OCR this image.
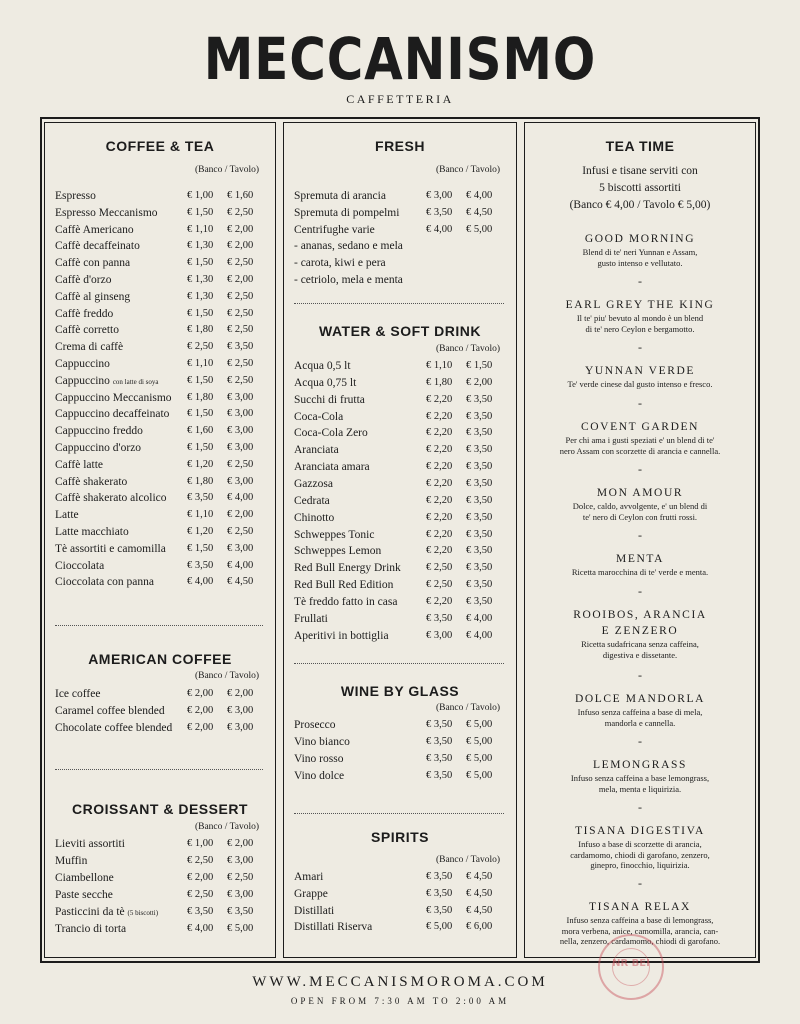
MECCANISMO
CAFFETTERIA
COFFEE & TEA
(Banco / Tavolo)
Espresso	€ 1,00 € 1,60
Espresso Meccanismo	€ 1,50 € 2,50
Caffè Americano	€ 1,10 € 2,00
Caffè decaffeinato	€ 1,30 € 2,00
Caffè con panna	€ 1,50 € 2,50
Caffè d'orzo	€ 1,30 € 2,00
Caffè al ginseng	€ 1,30 € 2,50
Caffè freddo	€ 1,50 € 2,50
Caffè corretto	€ 1,80 € 2,50
Crema di caffè	€ 2,50 € 3,50
Cappuccino	€ 1,10 € 2,50
Cappuccino con latte di soya	€ 1,50 € 2,50
Cappuccino Meccanismo € 1,80 € 3,00
Cappuccino decaffeinato € 1,50 € 3,00
Cappuccino freddo	€ 1,60 € 3,00
Cappuccino d'orzo	€ 1,50 € 3,00
Caffè latte	€ 1,20 € 2,50
Caffè shakerato	€ 1,80 € 3,00
Caffè shakerato alcolico € 3,50 € 4,00
Latte	€ 1,10 € 2,00
Latte macchiato	€ 1,20 € 2,50
Tè assortiti e camomilla € 1,50 € 3,00
Cioccolata	€ 3,50 € 4,00
Cioccolata con panna	€ 4,00 € 4,50
AMERICAN COFFEE
(Banco / Tavolo)
Ice coffee	€ 2,00 € 2,00
Caramel coffee blended € 2,00 € 3,00
Chocolate coffee blended € 2,00 € 3,00
CROISSANT & DESSERT
(Banco / Tavolo)
Lieviti assortiti	€ 1,00 € 2,00
Muffin	€ 2,50 € 3,00
Ciambellone	€ 2,00 € 2,50
Paste secche	€ 2,50 € 3,00
Pasticcini da tè (5 biscotti)	€ 3,50 € 3,50
Trancio di torta	€ 4,00 € 5,00
FRESH
(Banco / Tavolo)
Spremuta di arancia	€ 3,00 € 4,00
Spremuta di pompelmi	€ 3,50 € 4,50
Centrifughe varie	€ 4,00 € 5,00
- ananas, sedano e mela
- carota, kiwi e pera
- cetriolo, mela e menta
WATER & SOFT DRINK
(Banco / Tavolo)
Acqua 0,5 lt	€ 1,10 € 1,50
Acqua 0,75 lt	€ 1,80 € 2,00
Succhi di frutta	€ 2,20 € 3,50
Coca-Cola	€ 2,20 € 3,50
Coca-Cola Zero	€ 2,20 € 3,50
Aranciata	€ 2,20 € 3,50
Aranciata amara	€ 2,20 € 3,50
Gazzosa	€ 2,20 € 3,50
Cedrata	€ 2,20 € 3,50
Chinotto	€ 2,20 € 3,50
Schweppes Tonic	€ 2,20 € 3,50
Schweppes Lemon	€ 2,20 € 3,50
Red Bull Energy Drink € 2,50 € 3,50
Red Bull Red Edition	€ 2,50 € 3,50
Tè freddo fatto in casa	€ 2,20 € 3,50
Frullati	€ 3,50 € 4,00
Aperitivi in bottiglia	€ 3,00 € 4,00
WINE BY GLASS
(Banco / Tavolo)
Prosecco	€ 3,50 € 5,00
Vino bianco	€ 3,50 € 5,00
Vino rosso	€ 3,50 € 5,00
Vino dolce	€ 3,50 € 5,00
SPIRITS
(Banco / Tavolo)
Amari	€ 3,50 € 4,50
Grappe	€ 3,50 € 4,50
Distillati	€ 3,50 € 4,50
Distillati Riserva	€ 5,00 € 6,00
TEA TIME
Infusi e tisane serviti con
5 biscotti assortiti
(Banco € 4,00 / Tavolo € 5,00)
GOOD MORNING
Blend di te' neri Yunnan e Assam,
gusto intenso e vellutato.
-
EARL GREY THE KING
Il te' piu' bevuto al mondo è un blend
di te' nero Ceylon e bergamotto.
-
YUNNAN VERDE
Te' verde cinese dal gusto intenso e fresco.
-
COVENT GARDEN
Per chi ama i gusti speziati e' un blend di te'
nero Assam con scorzette di arancia e cannella.
-
MON AMOUR
Dolce, caldo, avvolgente, e' un blend di
te' nero di Ceylon con frutti rossi.
-
MENTA
Ricetta marocchina di te' verde e menta.
-
ROOIBOS, ARANCIA
E ZENZERO
Ricetta sudafricana senza caffeina,
digestiva e dissetante.
-
DOLCE MANDORLA
Infuso senza caffeina a base di mela,
mandorla e cannella.
-
LEMONGRASS
Infuso senza caffeina a base lemongrass,
mela, menta e liquirizia.
-
TISANA DIGESTIVA
Infuso a base di scorzette di arancia,
cardamomo, chiodi di garofano, zenzero,
ginepro, finocchio, liquirizia.
-
TISANA RELAX
Infuso senza caffeina a base di lemongrass,
mora verbena, anice, camomilla, arancia, can-
nella, zenzero, cardamomo, chiodi di garofano.
WWW.MECCANISMOROMA.COM
OPEN FROM 7:30 AM TO 2:00 AM
NR BEI
